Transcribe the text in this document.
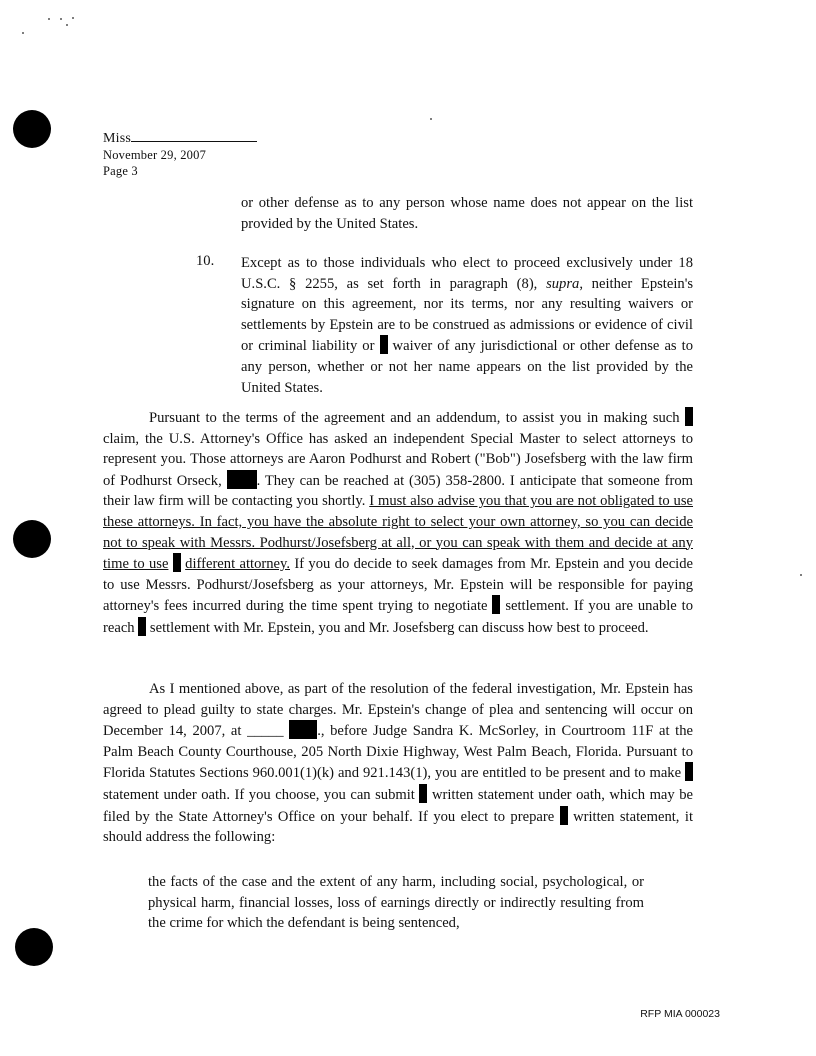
Miss
November 29, 2007
Page 3
or other defense as to any person whose name does not appear on the list provided by the United States.
10. Except as to those individuals who elect to proceed exclusively under 18 U.S.C. § 2255, as set forth in paragraph (8), supra, neither Epstein's signature on this agreement, nor its terms, nor any resulting waivers or settlements by Epstein are to be construed as admissions or evidence of civil or criminal liability or waiver of any jurisdictional or other defense as to any person, whether or not her name appears on the list provided by the United States.
Pursuant to the terms of the agreement and an addendum, to assist you in making such  claim, the U.S. Attorney's Office has asked an independent Special Master to select attorneys to represent you. Those attorneys are Aaron Podhurst and Robert ("Bob") Josefsberg with the law firm of Podhurst Orseck, . They can be reached at (305) 358-2800. I anticipate that someone from their law firm will be contacting you shortly. I must also advise you that you are not obligated to use these attorneys. In fact, you have the absolute right to select your own attorney, so you can decide not to speak with Messrs. Podhurst/Josefsberg at all, or you can speak with them and decide at any time to use different attorney. If you do decide to seek damages from Mr. Epstein and you decide to use Messrs. Podhurst/Josefsberg as your attorneys, Mr. Epstein will be responsible for paying attorney's fees incurred during the time spent trying to negotiate settlement. If you are unable to reach settlement with Mr. Epstein, you and Mr. Josefsberg can discuss how best to proceed.
As I mentioned above, as part of the resolution of the federal investigation, Mr. Epstein has agreed to plead guilty to state charges. Mr. Epstein's change of plea and sentencing will occur on December 14, 2007, at _____ ., before Judge Sandra K. McSorley, in Courtroom 11F at the Palm Beach County Courthouse, 205 North Dixie Highway, West Palm Beach, Florida. Pursuant to Florida Statutes Sections 960.001(1)(k) and 921.143(1), you are entitled to be present and to make  statement under oath. If you choose, you can submit written statement under oath, which may be filed by the State Attorney's Office on your behalf. If you elect to prepare written statement, it should address the following:
the facts of the case and the extent of any harm, including social, psychological, or physical harm, financial losses, loss of earnings directly or indirectly resulting from the crime for which the defendant is being sentenced,
RFP MIA 000023
